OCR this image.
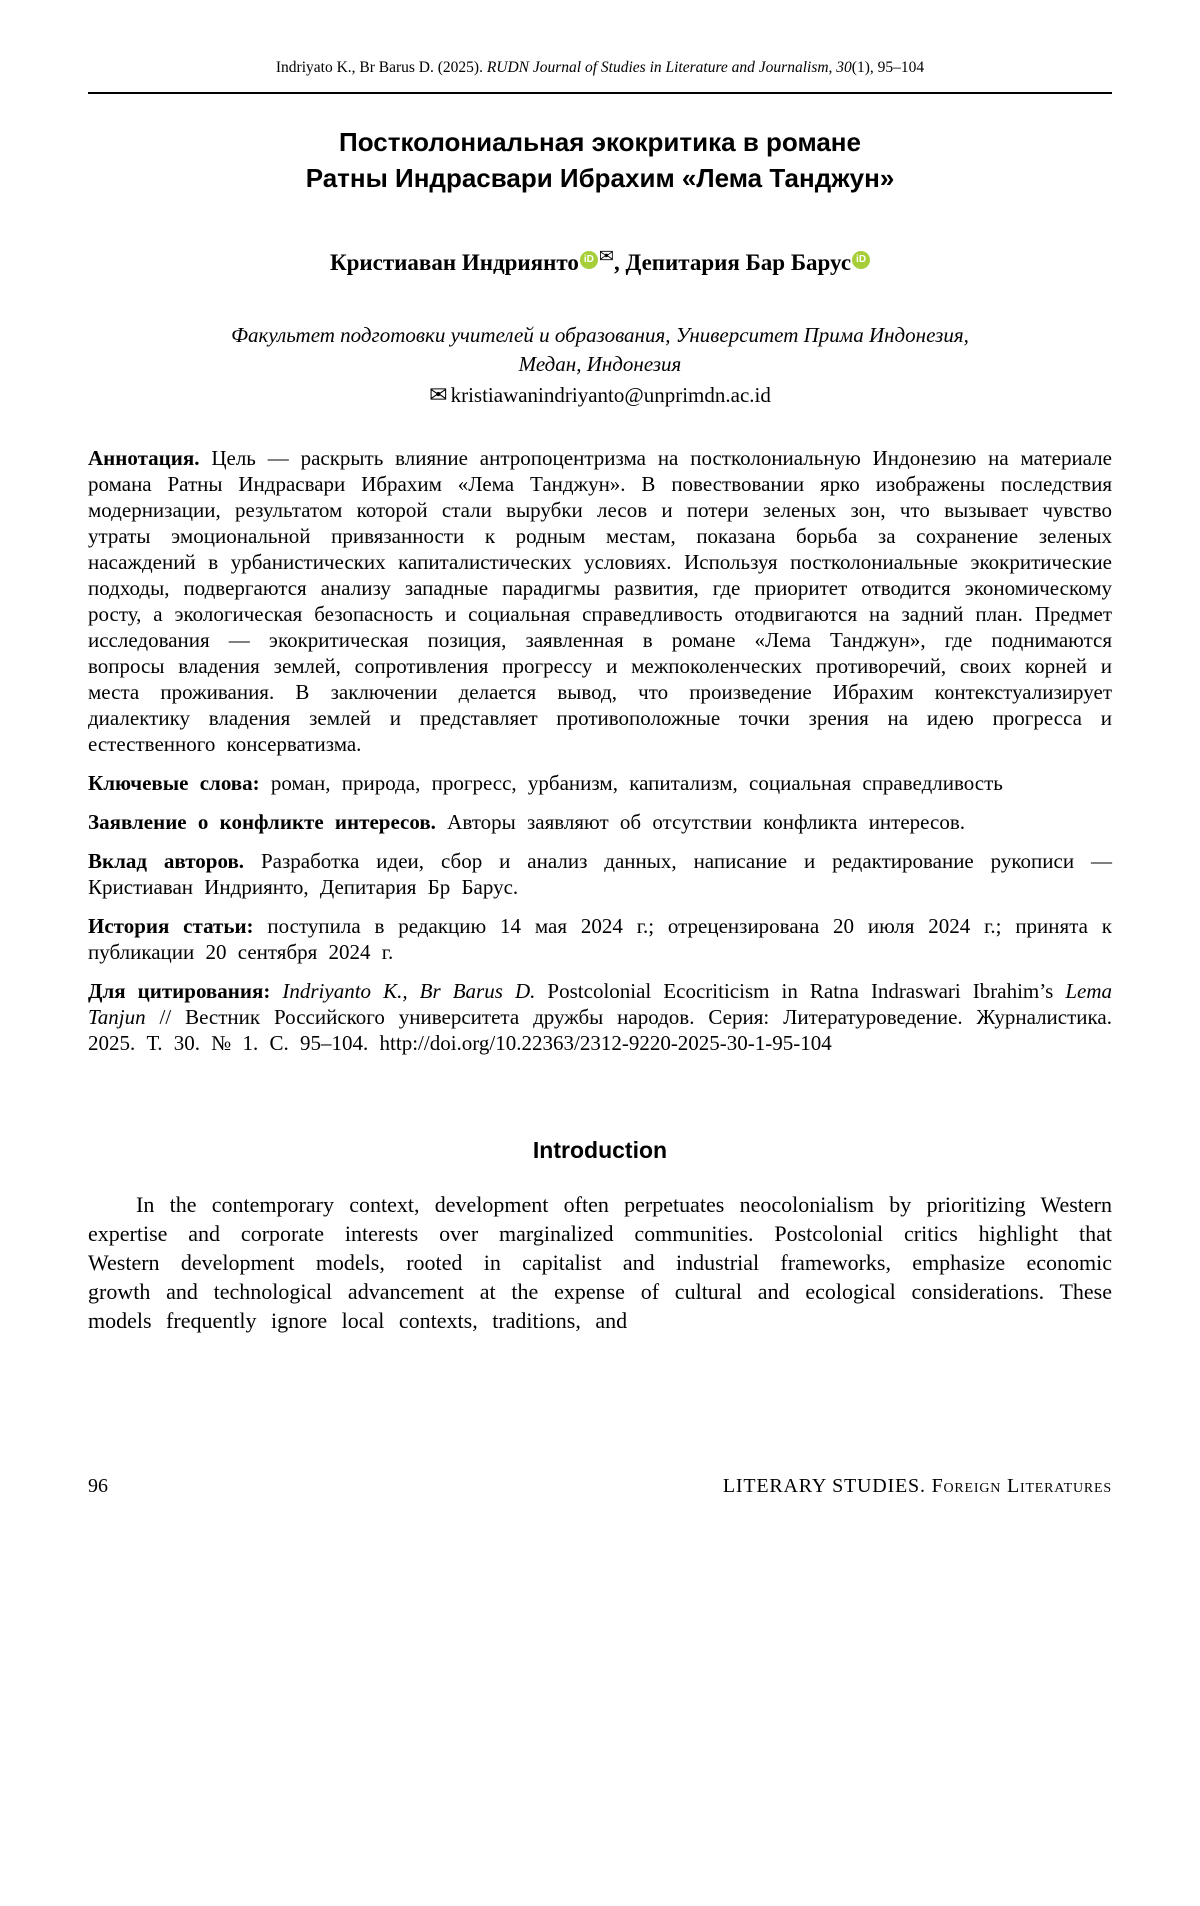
Indriyato K., Br Barus D. (2025). RUDN Journal of Studies in Literature and Journalism, 30(1), 95–104
Постколониальная экокритика в романе
Ратны Индрасвари Ибрахим «Лема Танджун»
Кристиаван Индриянто iD ✉, Депитария Бар Барус iD
Факультет подготовки учителей и образования, Университет Прима Индонезия,
Медан, Индонезия
✉ kristiawanindriyanto@unprimdn.ac.id

Аннотация. Цель — раскрыть влияние антропоцентризма на постколониальную Индонезию на материале романа Ратны Индрасвари Ибрахим «Лема Танджун». В повествовании ярко изображены последствия модернизации, результатом которой стали вырубки лесов и потери зеленых зон, что вызывает чувство утраты эмоциональной привязанности к родным местам, показана борьба за сохранение зеленых насаждений в урбанистических капиталистических условиях. Используя постколониальные экокритические подходы, подвергаются анализу западные парадигмы развития, где приоритет отводится экономическому росту, а экологическая безопасность и социальная справедливость отодвигаются на задний план. Предмет исследования — экокритическая позиция, заявленная в романе «Лема Танджун», где поднимаются вопросы владения землей, сопротивления прогрессу и межпоколенческих противоречий, своих корней и места проживания. В заключении делается вывод, что произведение Ибрахим контекстуализирует диалектику владения землей и представляет противоположные точки зрения на идею прогресса и естественного консерватизма.

Ключевые слова: роман, природа, прогресс, урбанизм, капитализм, социальная справедливость

Заявление о конфликте интересов. Авторы заявляют об отсутствии конфликта интересов.

Вклад авторов. Разработка идеи, сбор и анализ данных, написание и редактирование рукописи — Кристиаван Индриянто, Депитария Бр Барус.

История статьи: поступила в редакцию 14 мая 2024 г.; отрецензирована 20 июля 2024 г.; принята к публикации 20 сентября 2024 г.

Для цитирования: Indriyanto K., Br Barus D. Postcolonial Ecocriticism in Ratna Indraswari Ibrahim’s Lema Tanjun // Вестник Российского университета дружбы народов. Серия: Литературоведение. Журналистика. 2025. Т. 30. № 1. С. 95–104. http://doi.org/10.22363/2312-9220-2025-30-1-95-104

Introduction

In the contemporary context, development often perpetuates neocolonialism by prioritizing Western expertise and corporate interests over marginalized communities. Postcolonial critics highlight that Western development models, rooted in capitalist and industrial frameworks, emphasize economic growth and technological advancement at the expense of cultural and ecological considerations. These models frequently ignore local contexts, traditions, and

96	LITERARY STUDIES. Foreign Literatures
